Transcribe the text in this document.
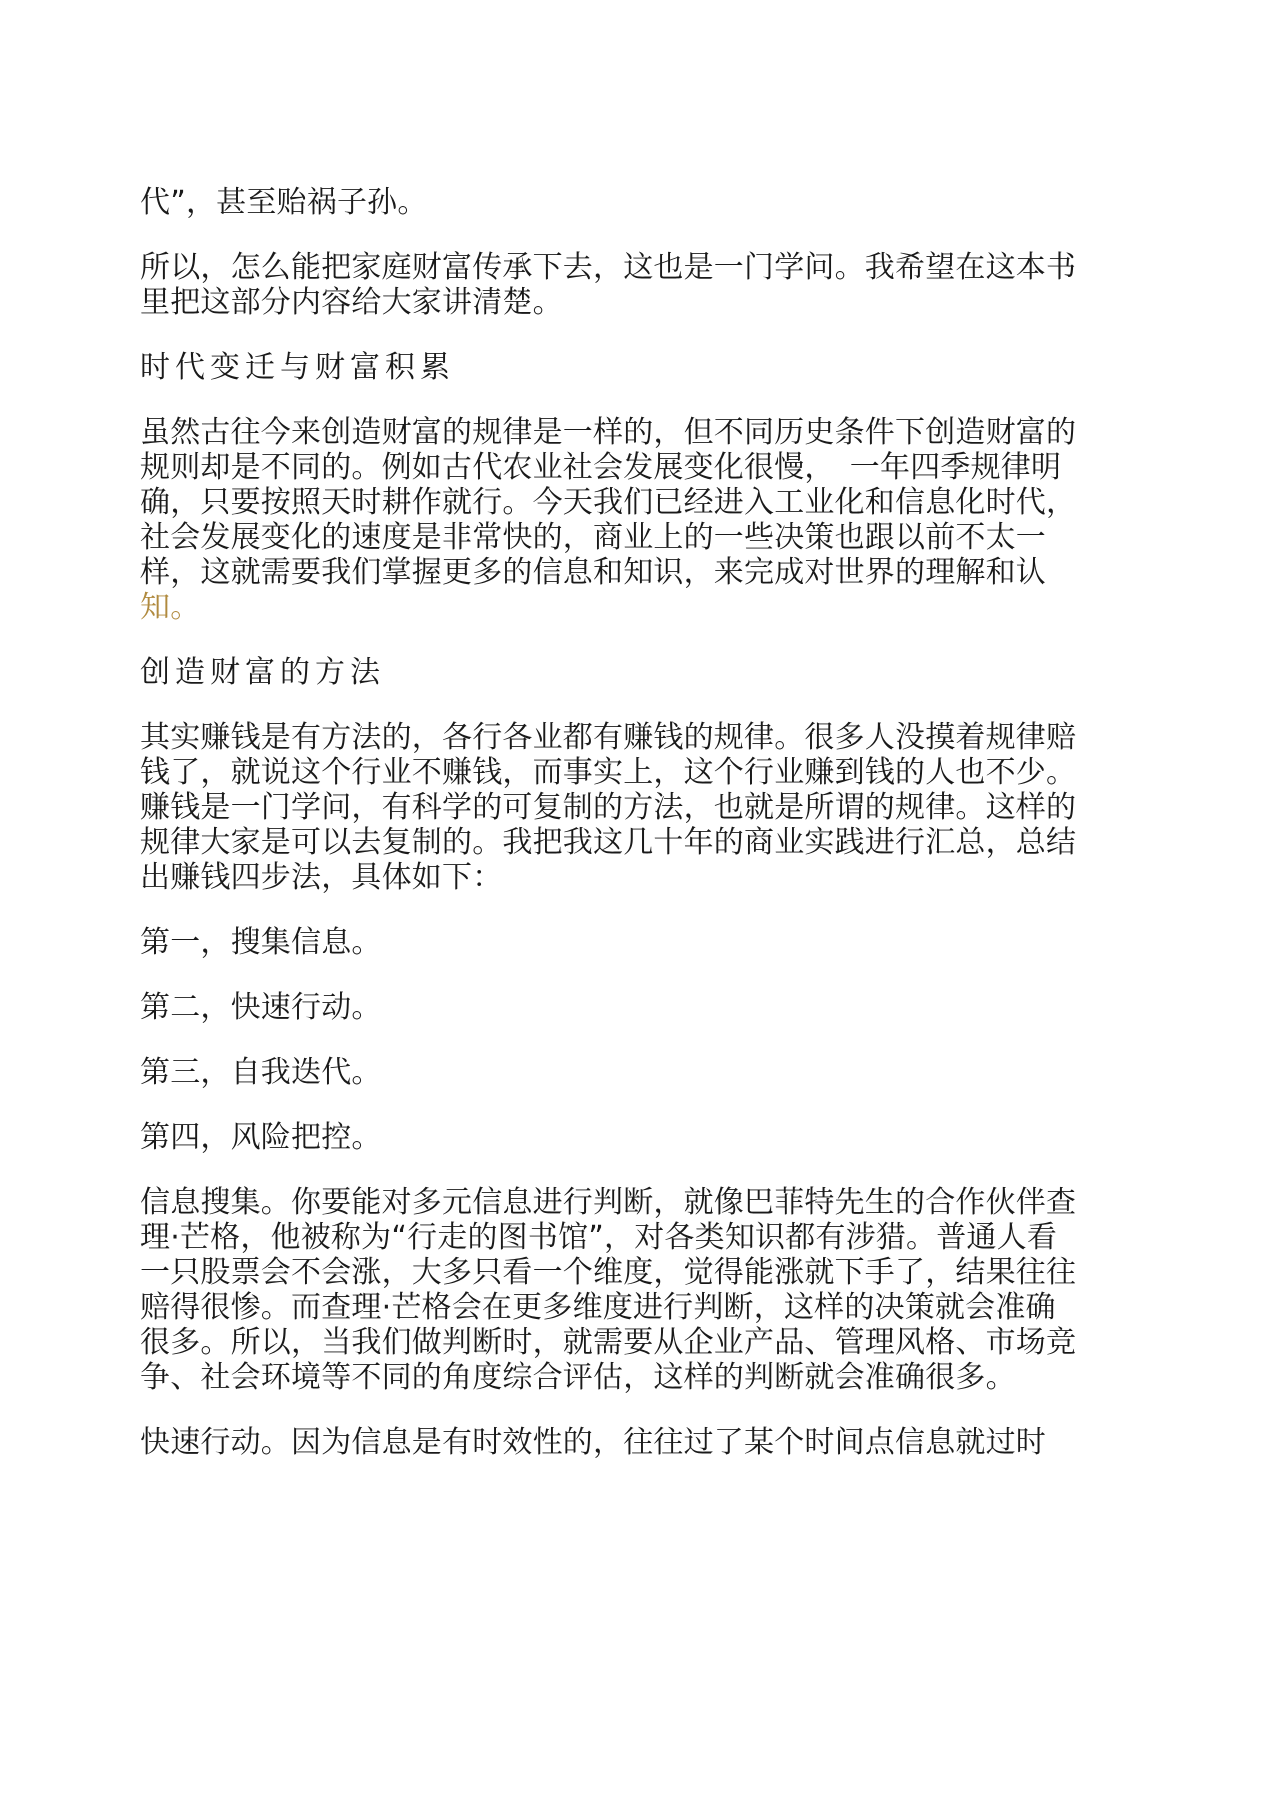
代”，甚至贻祸子孙。

所以，怎么能把家庭财富传承下去，这也是一门学问。我希望在这本书

里把这部分内容给大家讲清楚。

时代变迁与财富积累

虽然古往今来创造财富的规律是一样的，但不同历史条件下创造财富的

规则却是不同的。例如古代农业社会发展变化很慢，　一年四季规律明

确，只要按照天时耕作就行。今天我们已经进入工业化和信息化时代，

社会发展变化的速度是非常快的，商业上的一些决策也跟以前不太一

样，这就需要我们掌握更多的信息和知识，来完成对世界的理解和认

知。

创造财富的方法

其实赚钱是有方法的，各行各业都有赚钱的规律。很多人没摸着规律赔

钱了，就说这个行业不赚钱，而事实上，这个行业赚到钱的人也不少。

赚钱是一门学问，有科学的可复制的方法，也就是所谓的规律。这样的

规律大家是可以去复制的。我把我这几十年的商业实践进行汇总，总结

出赚钱四步法，具体如下：

第一，搜集信息。

第二，快速行动。

第三，自我迭代。

第四，风险把控。

信息搜集。你要能对多元信息进行判断，就像巴菲特先生的合作伙伴查

理·芒格，他被称为“行走的图书馆”，对各类知识都有涉猎。普通人看

一只股票会不会涨，大多只看一个维度，觉得能涨就下手了，结果往往

赔得很惨。而查理·芒格会在更多维度进行判断，这样的决策就会准确

很多。所以，当我们做判断时，就需要从企业产品、管理风格、市场竞

争、社会环境等不同的角度综合评估，这样的判断就会准确很多。

快速行动。因为信息是有时效性的，往往过了某个时间点信息就过时
